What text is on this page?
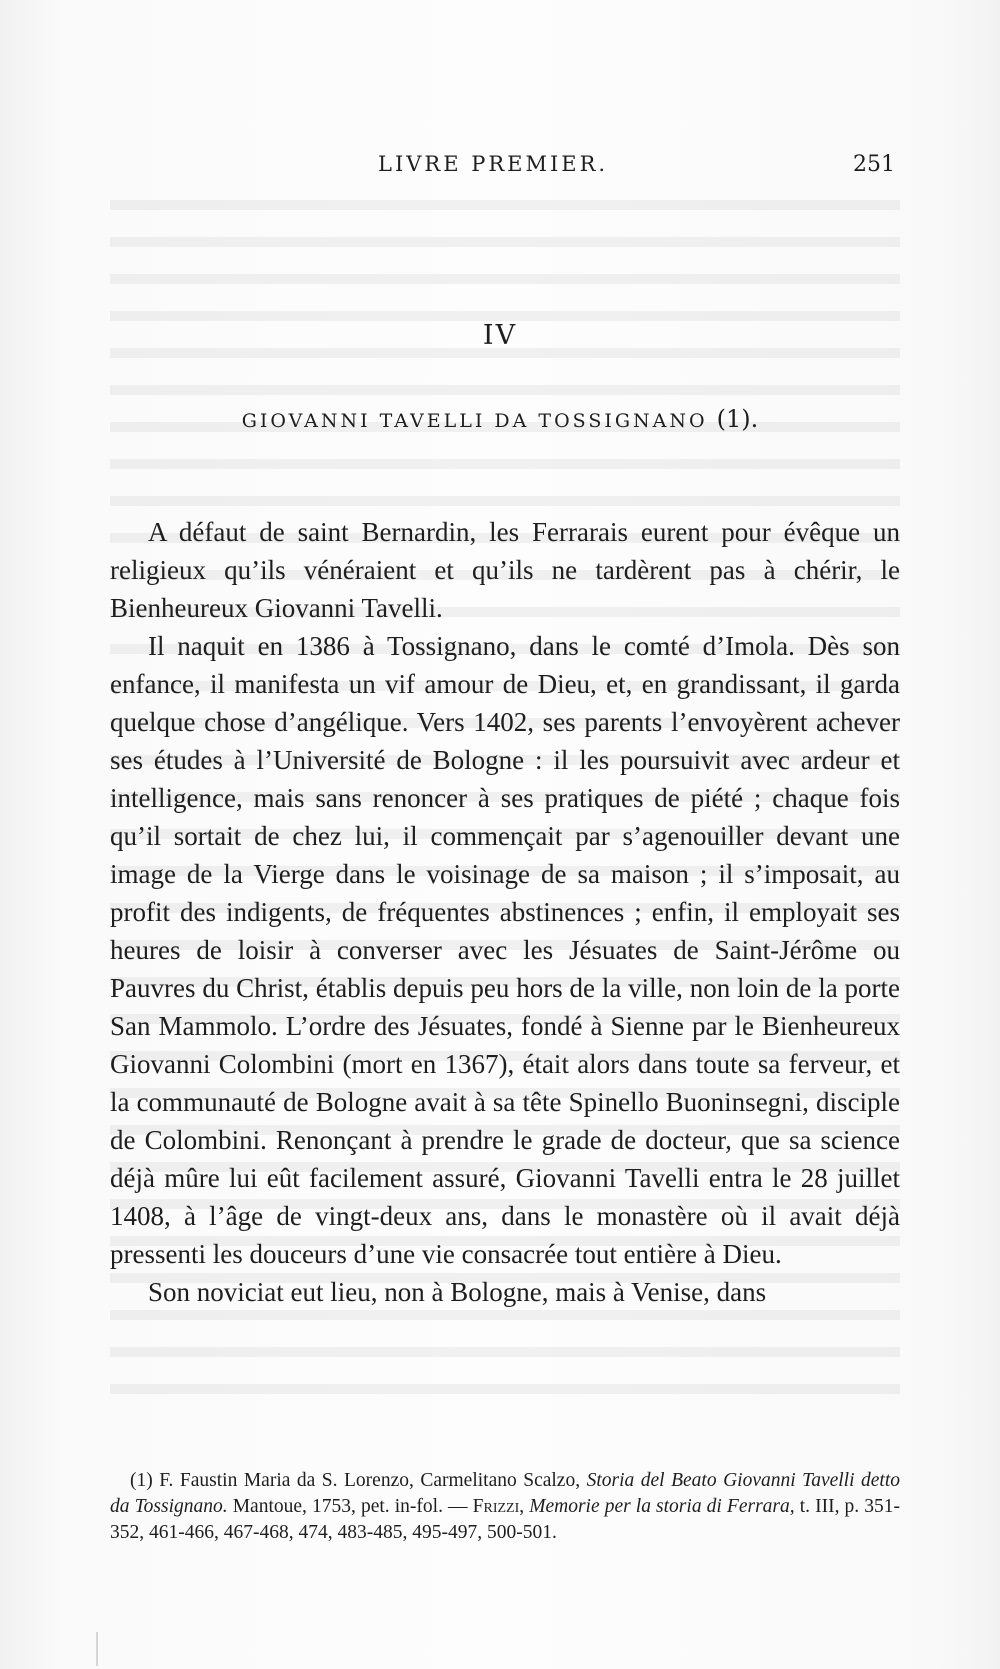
LIVRE PREMIER.	251
IV
GIOVANNI TAVELLI DA TOSSIGNANO (1).

A défaut de saint Bernardin, les Ferrarais eurent pour évêque un religieux qu’ils vénéraient et qu’ils ne tardèrent pas à chérir, le Bienheureux Giovanni Tavelli.

Il naquit en 1386 à Tossignano, dans le comté d’Imola. Dès son enfance, il manifesta un vif amour de Dieu, et, en grandissant, il garda quelque chose d’angélique. Vers 1402, ses parents l’envoyèrent achever ses études à l’Université de Bologne : il les poursuivit avec ardeur et intelligence, mais sans renoncer à ses pratiques de piété ; chaque fois qu’il sortait de chez lui, il commençait par s’agenouiller devant une image de la Vierge dans le voisinage de sa maison ; il s’imposait, au profit des indigents, de fréquentes abstinences ; enfin, il employait ses heures de loisir à converser avec les Jésuates de Saint-Jérôme ou Pauvres du Christ, établis depuis peu hors de la ville, non loin de la porte San Mammolo. L’ordre des Jésuates, fondé à Sienne par le Bienheureux Giovanni Colombini (mort en 1367), était alors dans toute sa ferveur, et la communauté de Bologne avait à sa tête Spinello Buoninsegni, disciple de Colombini. Renonçant à prendre le grade de docteur, que sa science déjà mûre lui eût facilement assuré, Giovanni Tavelli entra le 28 juillet 1408, à l’âge de vingt-deux ans, dans le monastère où il avait déjà pressenti les douceurs d’une vie consacrée tout entière à Dieu.

Son noviciat eut lieu, non à Bologne, mais à Venise, dans

(1) F. Faustin Maria da S. Lorenzo, Carmelitano Scalzo, Storia del Beato Giovanni Tavelli detto da Tossignano. Mantoue, 1753, pet. in-fol. — Frizzi, Memorie per la storia di Ferrara, t. III, p. 351-352, 461-466, 467-468, 474, 483-485, 495-497, 500-501.
